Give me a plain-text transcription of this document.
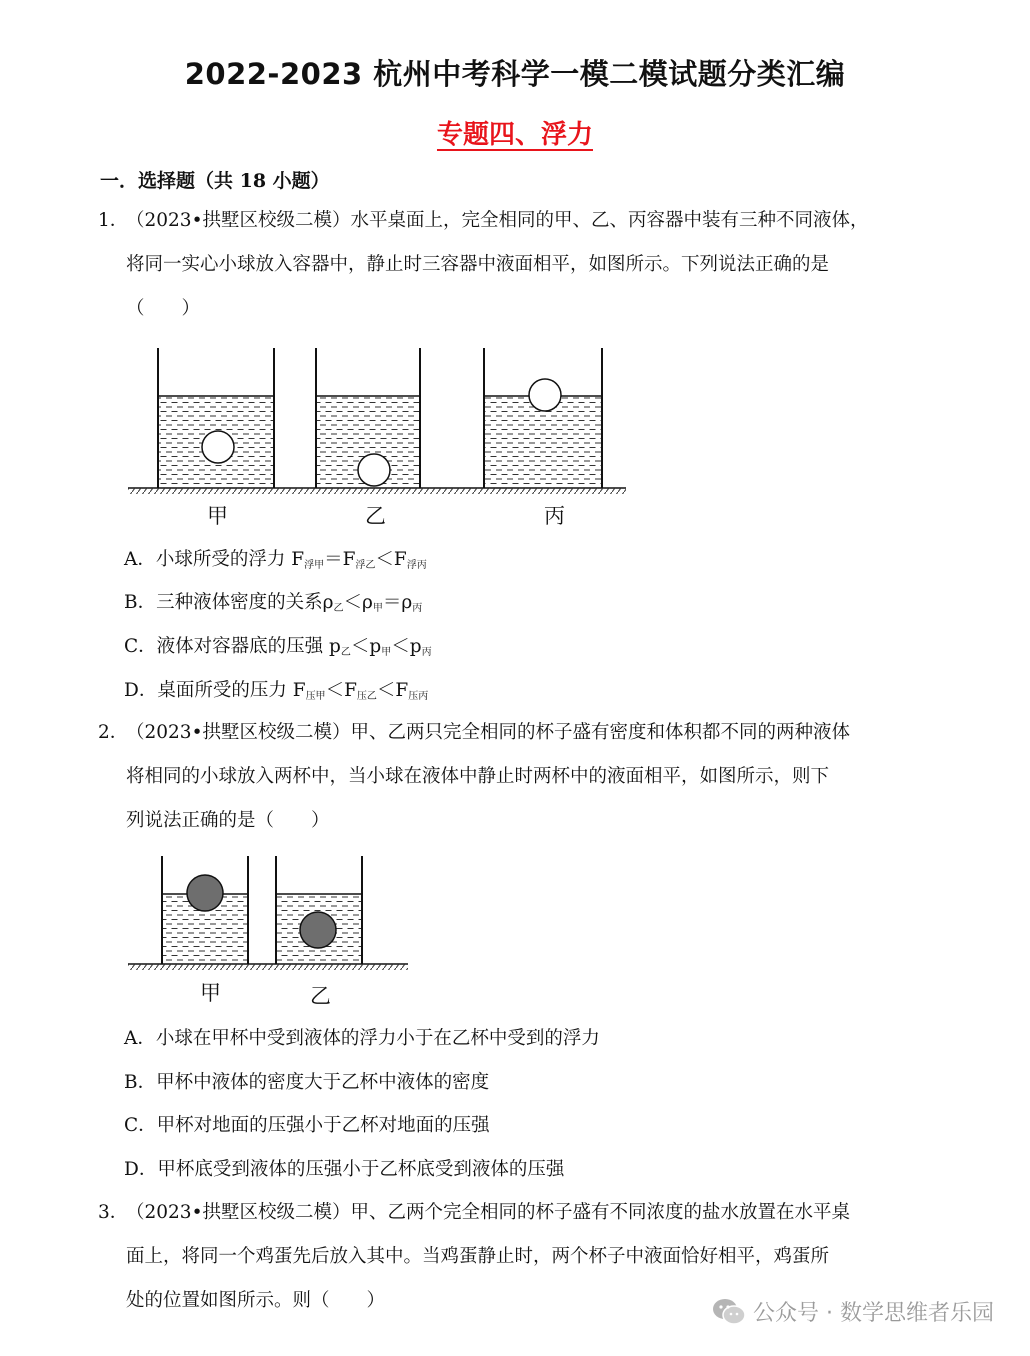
2022-2023 杭州中考科学一模二模试题分类汇编
专题四、浮力
一．选择题（共 18 小题）
1．
（2023•拱墅区校级二模）水平桌面上，完全相同的甲、乙、丙容器中装有三种不同液体，
将同一实心小球放入容器中，静止时三容器中液面相平，如图所示。下列说法正确的是
（　　）
甲	乙	丙
A．小球所受的浮力 $F_{浮甲}=F_{浮乙}<F_{浮丙}$
B．三种液体密度的关系$\rho_乙<\rho_甲=\rho_丙$
C．液体对容器底的压强 $p_乙<p_甲<p_丙$
D．桌面所受的压力 $F_{压甲}<F_{压乙}<F_{压丙}$
2．
（2023•拱墅区校级二模）甲、乙两只完全相同的杯子盛有密度和体积都不同的两种液体
将相同的小球放入两杯中，当小球在液体中静止时两杯中的液面相平，如图所示，则下
列说法正确的是（　　）
甲	乙
A．小球在甲杯中受到液体的浮力小于在乙杯中受到的浮力
B．甲杯中液体的密度大于乙杯中液体的密度
C．甲杯对地面的压强小于乙杯对地面的压强
D．甲杯底受到液体的压强小于乙杯底受到液体的压强
3．
（2023•拱墅区校级二模）甲、乙两个完全相同的杯子盛有不同浓度的盐水放置在水平桌
面上，将同一个鸡蛋先后放入其中。当鸡蛋静止时，两个杯子中液面恰好相平，鸡蛋所
处的位置如图所示。则（　　）
公众号 · 数学思维者乐园
